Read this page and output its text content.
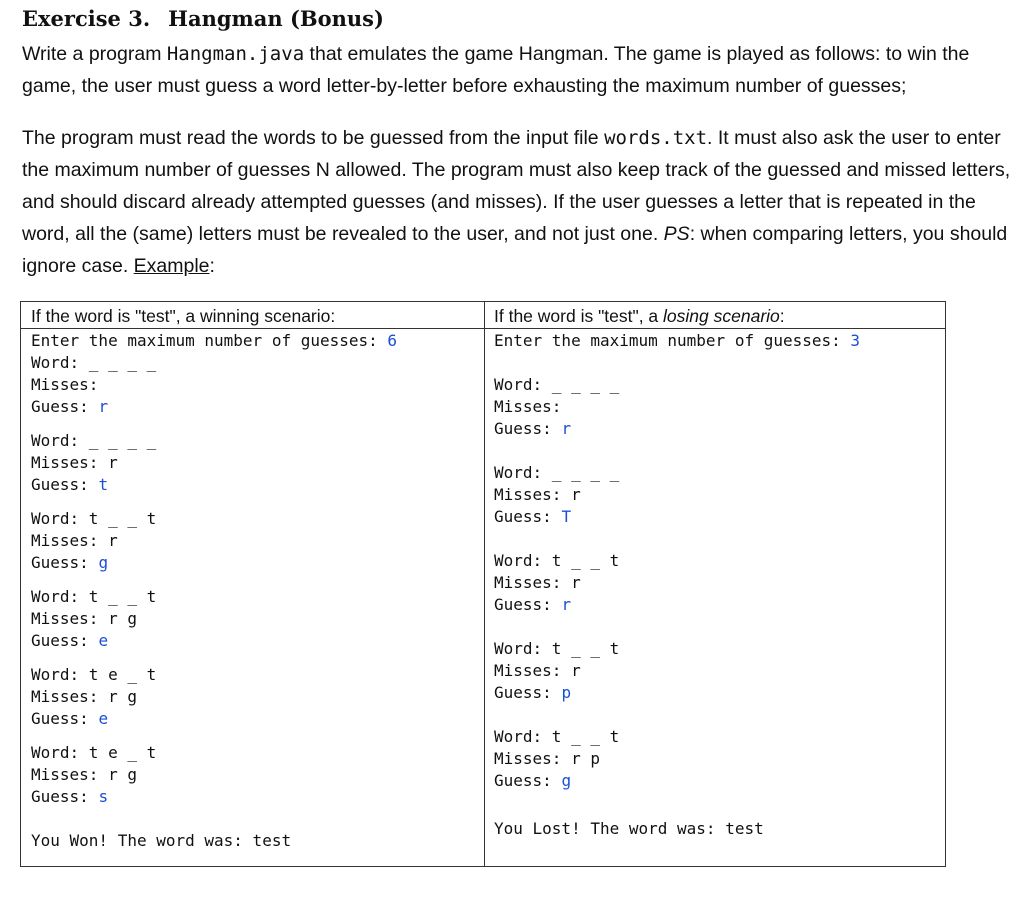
Exercise 3. Hangman (Bonus)
Write a program Hangman.java that emulates the game Hangman. The game is played as follows: to win the game, the user must guess a word letter-by-letter before exhausting the maximum number of guesses;
The program must read the words to be guessed from the input file words.txt. It must also ask the user to enter the maximum number of guesses N allowed. The program must also keep track of the guessed and missed letters, and should discard already attempted guesses (and misses). If the user guesses a letter that is repeated in the word, all the (same) letters must be revealed to the user, and not just one. PS: when comparing letters, you should ignore case. Example:
If the word is "test", a winning scenario:	If the word is "test", a losing scenario:
Enter the maximum number of guesses: 6
Word: _ _ _ _
Misses:
Guess: r
Word: _ _ _ _
Misses: r
Guess: t
Word: t _ _ t
Misses: r
Guess: g
Word: t _ _ t
Misses: r g
Guess: e
Word: t e _ t
Misses: r g
Guess: e
Word: t e _ t
Misses: r g
Guess: s
You Won! The word was: test
Enter the maximum number of guesses: 3
Word: _ _ _ _
Misses:
Guess: r
Word: _ _ _ _
Misses: r
Guess: T
Word: t _ _ t
Misses: r
Guess: r
Word: t _ _ t
Misses: r
Guess: p
Word: t _ _ t
Misses: r p
Guess: g
You Lost! The word was: test
